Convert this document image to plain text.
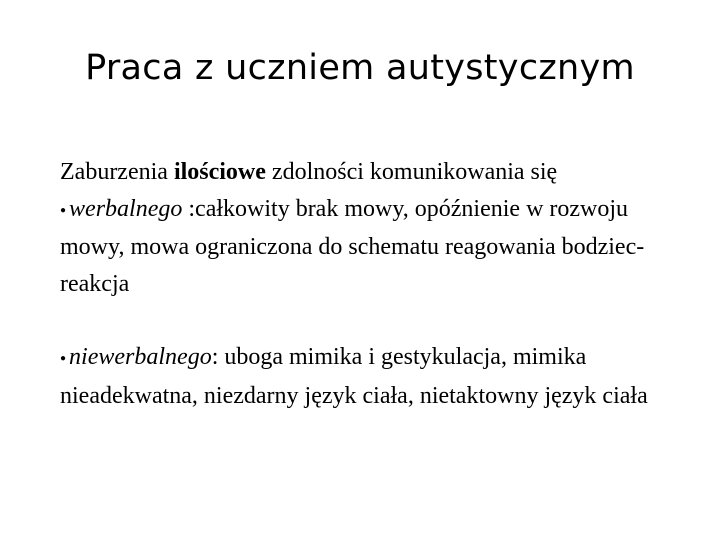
Praca z uczniem autystycznym

Zaburzenia ilościowe zdolności komunikowania się
● werbalnego :całkowity brak mowy, opóźnienie w rozwoju mowy, mowa ograniczona do schematu reagowania bodziec-reakcja

● niewerbalnego: uboga mimika i gestykulacja, mimika nieadekwatna, niezdarny język ciała, nietaktowny język ciała
